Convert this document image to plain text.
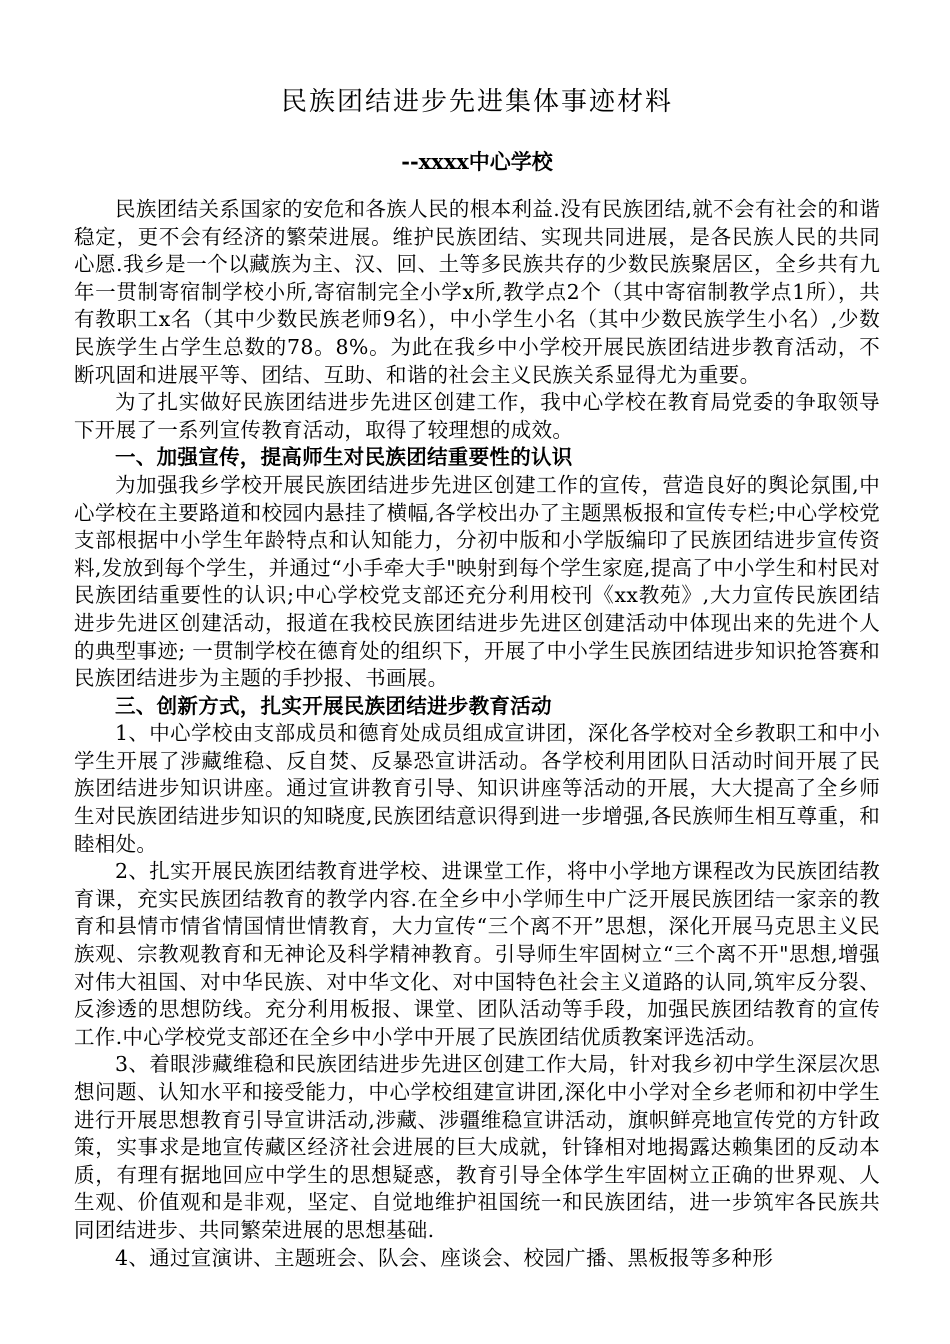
民族团结进步先进集体事迹材料
--xxxx中心学校

民族团结关系国家的安危和各族人民的根本利益.没有民族团结,就不会有社会的和谐稳定，更不会有经济的繁荣进展。维护民族团结、实现共同进展，是各民族人民的共同心愿.我乡是一个以藏族为主、汉、回、土等多民族共存的少数民族聚居区，全乡共有九年一贯制寄宿制学校小所,寄宿制完全小学x所,教学点2个（其中寄宿制教学点1所），共有教职工x名（其中少数民族老师9名），中小学生小名（其中少数民族学生小名）,少数民族学生占学生总数的78。8%。为此在我乡中小学校开展民族团结进步教育活动，不断巩固和进展平等、团结、互助、和谐的社会主义民族关系显得尤为重要。

为了扎实做好民族团结进步先进区创建工作，我中心学校在教育局党委的争取领导下开展了一系列宣传教育活动，取得了较理想的成效。

一、加强宣传，提高师生对民族团结重要性的认识

为加强我乡学校开展民族团结进步先进区创建工作的宣传，营造良好的舆论氛围,中心学校在主要路道和校园内悬挂了横幅,各学校出办了主题黑板报和宣传专栏;中心学校党支部根据中小学生年龄特点和认知能力，分初中版和小学版编印了民族团结进步宣传资料,发放到每个学生，并通过“小手牵大手"映射到每个学生家庭,提高了中小学生和村民对民族团结重要性的认识;中心学校党支部还充分利用校刊《xx教苑》,大力宣传民族团结进步先进区创建活动，报道在我校民族团结进步先进区创建活动中体现出来的先进个人的典型事迹; 一贯制学校在德育处的组织下，开展了中小学生民族团结进步知识抢答赛和民族团结进步为主题的手抄报、书画展。

三、创新方式，扎实开展民族团结进步教育活动

1、中心学校由支部成员和德育处成员组成宣讲团，深化各学校对全乡教职工和中小学生开展了涉藏维稳、反自焚、反暴恐宣讲活动。各学校利用团队日活动时间开展了民族团结进步知识讲座。通过宣讲教育引导、知识讲座等活动的开展，大大提高了全乡师生对民族团结进步知识的知晓度,民族团结意识得到进一步增强,各民族师生相互尊重，和睦相处。

2、扎实开展民族团结教育进学校、进课堂工作，将中小学地方课程改为民族团结教育课，充实民族团结教育的教学内容.在全乡中小学师生中广泛开展民族团结一家亲的教育和县情市情省情国情世情教育，大力宣传“三个离不开”思想，深化开展马克思主义民族观、宗教观教育和无神论及科学精神教育。引导师生牢固树立“三个离不开"思想,增强对伟大祖国、对中华民族、对中华文化、对中国特色社会主义道路的认同,筑牢反分裂、反渗透的思想防线。充分利用板报、课堂、团队活动等手段，加强民族团结教育的宣传工作.中心学校党支部还在全乡中小学中开展了民族团结优质教案评选活动。

3、着眼涉藏维稳和民族团结进步先进区创建工作大局，针对我乡初中学生深层次思想问题、认知水平和接受能力，中心学校组建宣讲团,深化中小学对全乡老师和初中学生进行开展思想教育引导宣讲活动,涉藏、涉疆维稳宣讲活动，旗帜鲜亮地宣传党的方针政策，实事求是地宣传藏区经济社会进展的巨大成就，针锋相对地揭露达赖集团的反动本质，有理有据地回应中学生的思想疑惑，教育引导全体学生牢固树立正确的世界观、人生观、价值观和是非观，坚定、自觉地维护祖国统一和民族团结，进一步筑牢各民族共同团结进步、共同繁荣进展的思想基础.

4、通过宣演讲、主题班会、队会、座谈会、校园广播、黑板报等多种形
